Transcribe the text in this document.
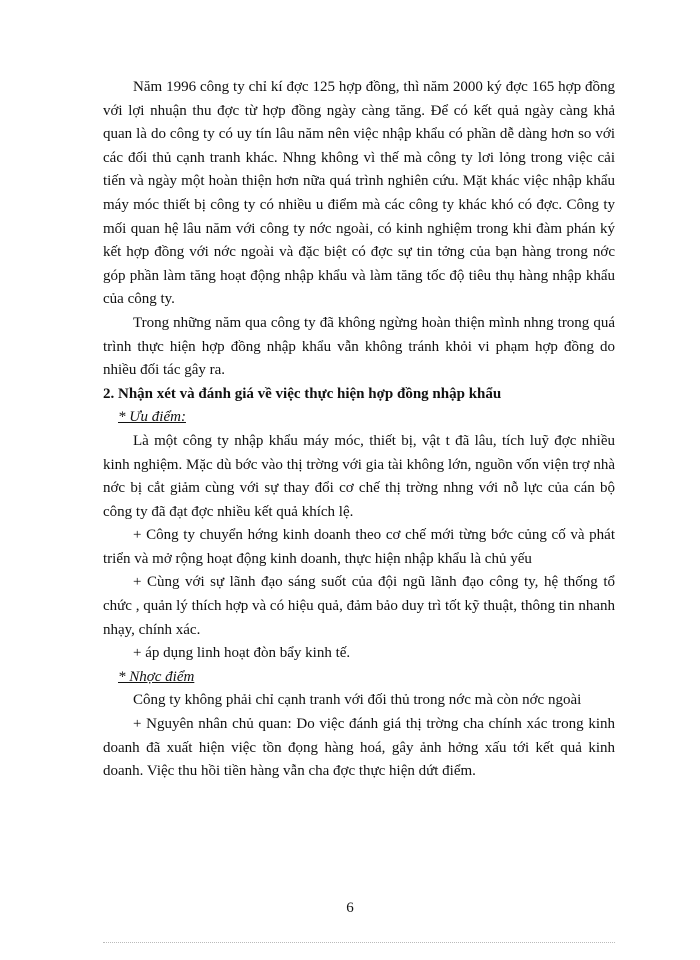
Năm 1996 công ty chỉ kí đợc 125 hợp đồng, thì năm 2000 ký đợc 165 hợp đồng với lợi nhuận thu đợc từ hợp đồng ngày càng tăng. Để có kết quả ngày càng khả quan là do công ty có uy tín lâu năm nên việc nhập khẩu có phần dễ dàng hơn so với các đối thủ cạnh tranh khác. Nhng không vì thế mà công ty lơi lỏng trong việc cải tiến và ngày một hoàn thiện hơn nữa quá trình nghiên cứu. Mặt khác việc nhập khẩu máy móc thiết bị công ty có nhiều u điểm mà các công ty khác khó có đợc. Công ty mối quan hệ lâu năm với công ty nớc ngoài, có kinh nghiệm trong khi đàm phán ký kết hợp đồng với nớc ngoài và đặc biệt có đợc sự tin tởng của bạn hàng trong nớc góp phần làm tăng hoạt động nhập khẩu và làm tăng tốc độ tiêu thụ hàng nhập khẩu của công ty.

Trong những năm qua công ty đã không ngừng hoàn thiện mình nhng trong quá trình thực hiện hợp đồng nhập khẩu vẫn không tránh khỏi vi phạm hợp đồng do nhiều đối tác gây ra.

2. Nhận xét và đánh giá về việc thực hiện hợp đồng nhập khẩu

* Ưu điểm:

Là một công ty nhập khẩu máy móc, thiết bị, vật t đã lâu, tích luỹ đợc nhiều kinh nghiệm. Mặc dù bớc vào thị trờng với gia tài không lớn, nguồn vốn viện trợ nhà nớc bị cắt giảm cùng với sự thay đổi cơ chế thị trờng nhng với nỗ lực của cán bộ công ty đã đạt đợc nhiều kết quả khích lệ.

+ Công ty chuyển hớng kinh doanh theo cơ chế mới từng bớc củng cố và phát triển và mở rộng hoạt động kinh doanh, thực hiện nhập khẩu là chủ yếu

+ Cùng với sự lãnh đạo sáng suốt của đội ngũ lãnh đạo công ty, hệ thống tổ chức , quản lý thích hợp và có hiệu quả, đảm bảo duy trì tốt kỹ thuật, thông tin nhanh nhạy, chính xác.

+ áp dụng linh hoạt đòn bẩy kinh tế.

* Nhợc điểm

Công ty không phải chỉ cạnh tranh với đối thủ trong nớc mà còn nớc ngoài

+ Nguyên nhân chủ quan: Do việc đánh giá thị trờng cha chính xác trong kinh doanh đã xuất hiện việc tồn đọng hàng hoá, gây ảnh hởng xấu tới kết quả kinh doanh. Việc thu hồi tiền hàng vẫn cha đợc thực hiện dứt điểm.

6
